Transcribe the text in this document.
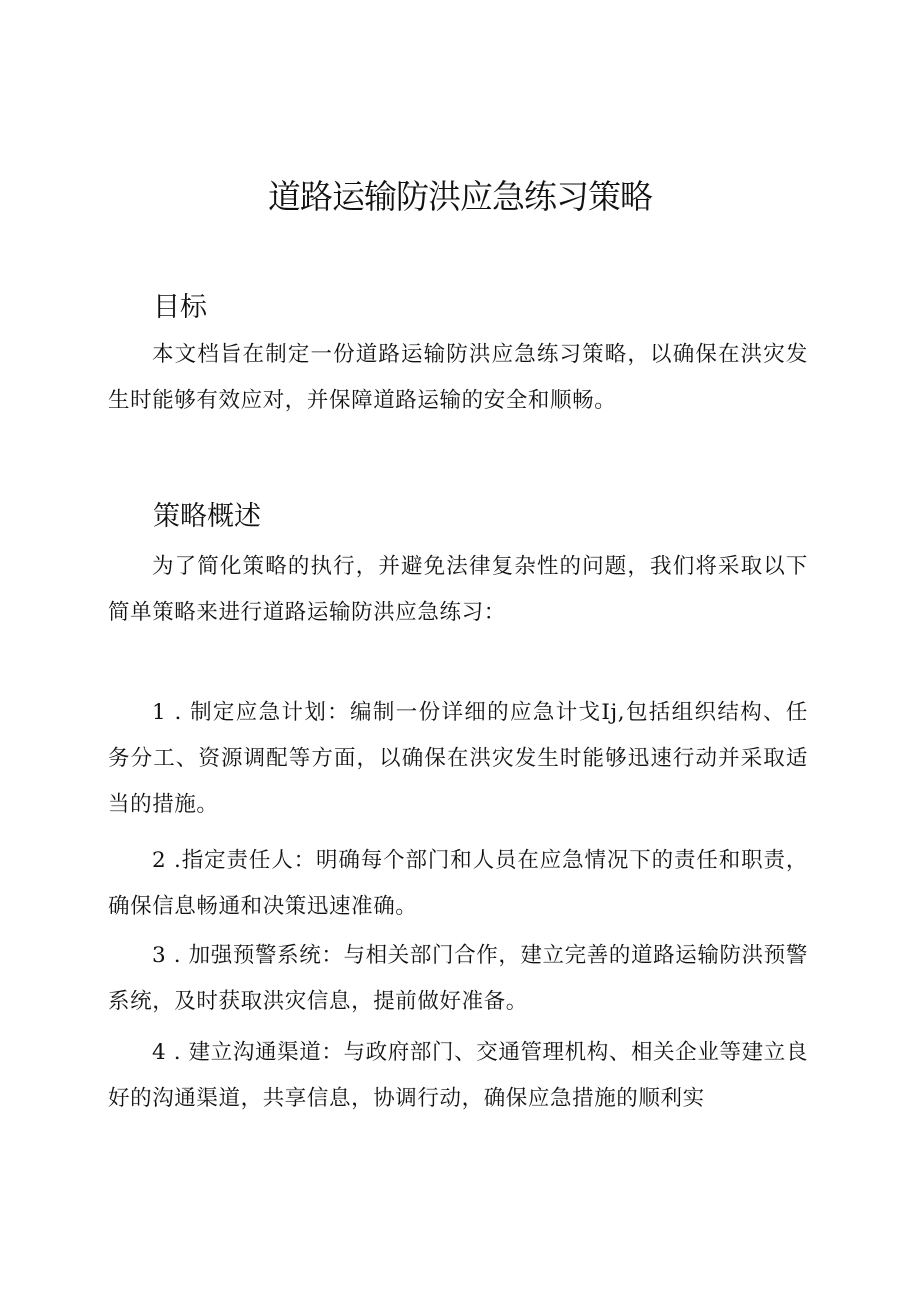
道路运输防洪应急练习策略
目标

本文档旨在制定一份道路运输防洪应急练习策略，以确保在洪灾发生时能够有效应对，并保障道路运输的安全和顺畅。

策略概述

为了简化策略的执行，并避免法律复杂性的问题，我们将采取以下简单策略来进行道路运输防洪应急练习：

1 . 制定应急计划：编制一份详细的应急计戈Ij,包括组织结构、任务分工、资源调配等方面，以确保在洪灾发生时能够迅速行动并采取适当的措施。

2 .指定责任人：明确每个部门和人员在应急情况下的责任和职责，确保信息畅通和决策迅速准确。

3 . 加强预警系统：与相关部门合作，建立完善的道路运输防洪预警系统，及时获取洪灾信息，提前做好准备。

4 . 建立沟通渠道：与政府部门、交通管理机构、相关企业等建立良好的沟通渠道，共享信息，协调行动，确保应急措施的顺利实
